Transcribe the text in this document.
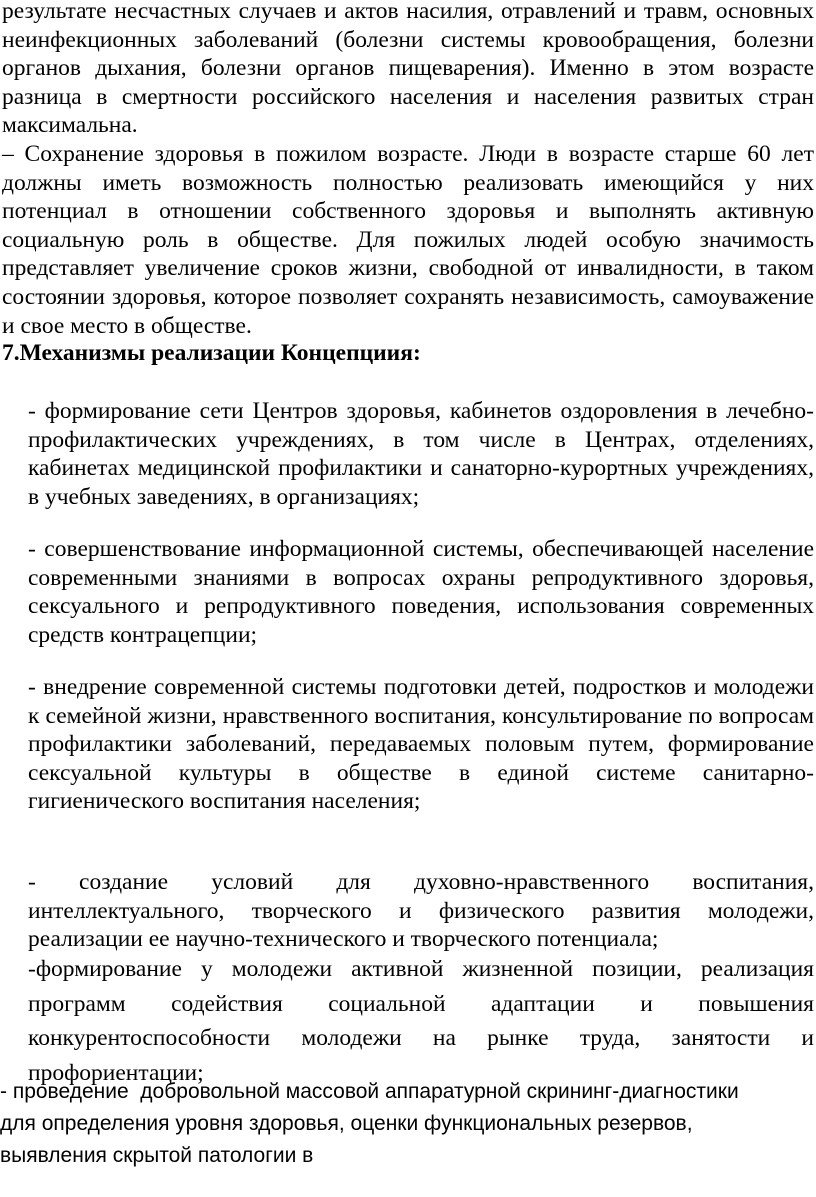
результате несчастных случаев и актов насилия, отравлений и травм, основных неинфекционных заболеваний (болезни системы кровообращения, болезни органов дыхания, болезни органов пищеварения). Именно в этом возрасте разница в смертности российского населения и населения развитых стран максимальна.
– Сохранение здоровья в пожилом возрасте. Люди в возрасте старше 60 лет должны иметь возможность полностью реализовать имеющийся у них потенциал в отношении собственного здоровья и выполнять активную социальную роль в обществе. Для пожилых людей особую значимость представляет увеличение сроков жизни, свободной от инвалидности, в таком состоянии здоровья, которое позволяет сохранять независимость, самоуважение и свое место в обществе.

7.Механизмы реализации Концепциия:

- формирование сети Центров здоровья, кабинетов оздоровления в лечебно-профилактических учреждениях, в том числе в Центрах, отделениях, кабинетах медицинской профилактики и санаторно-курортных учреждениях, в учебных заведениях, в организациях;

- совершенствование информационной системы, обеспечивающей население современными знаниями в вопросах охраны репродуктивного здоровья, сексуального и репродуктивного поведения, использования современных средств контрацепции;

- внедрение современной системы подготовки детей, подростков и молодежи к семейной жизни, нравственного воспитания, консультирование по вопросам профилактики заболеваний, передаваемых половым путем, формирование сексуальной культуры в обществе в единой системе санитарно-гигиенического воспитания населения;

- создание условий для духовно-нравственного воспитания, интеллектуального, творческого и физического развития молодежи, реализации ее научно-технического и творческого потенциала;

-формирование у молодежи активной жизненной позиции, реализация программ содействия социальной адаптации и повышения конкурентоспособности молодежи на рынке труда, занятости и профориентации;

- проведение  добровольной массовой аппаратурной скрининг-диагностики
для определения уровня здоровья, оценки функциональных резервов,
выявления скрытой патологии в
